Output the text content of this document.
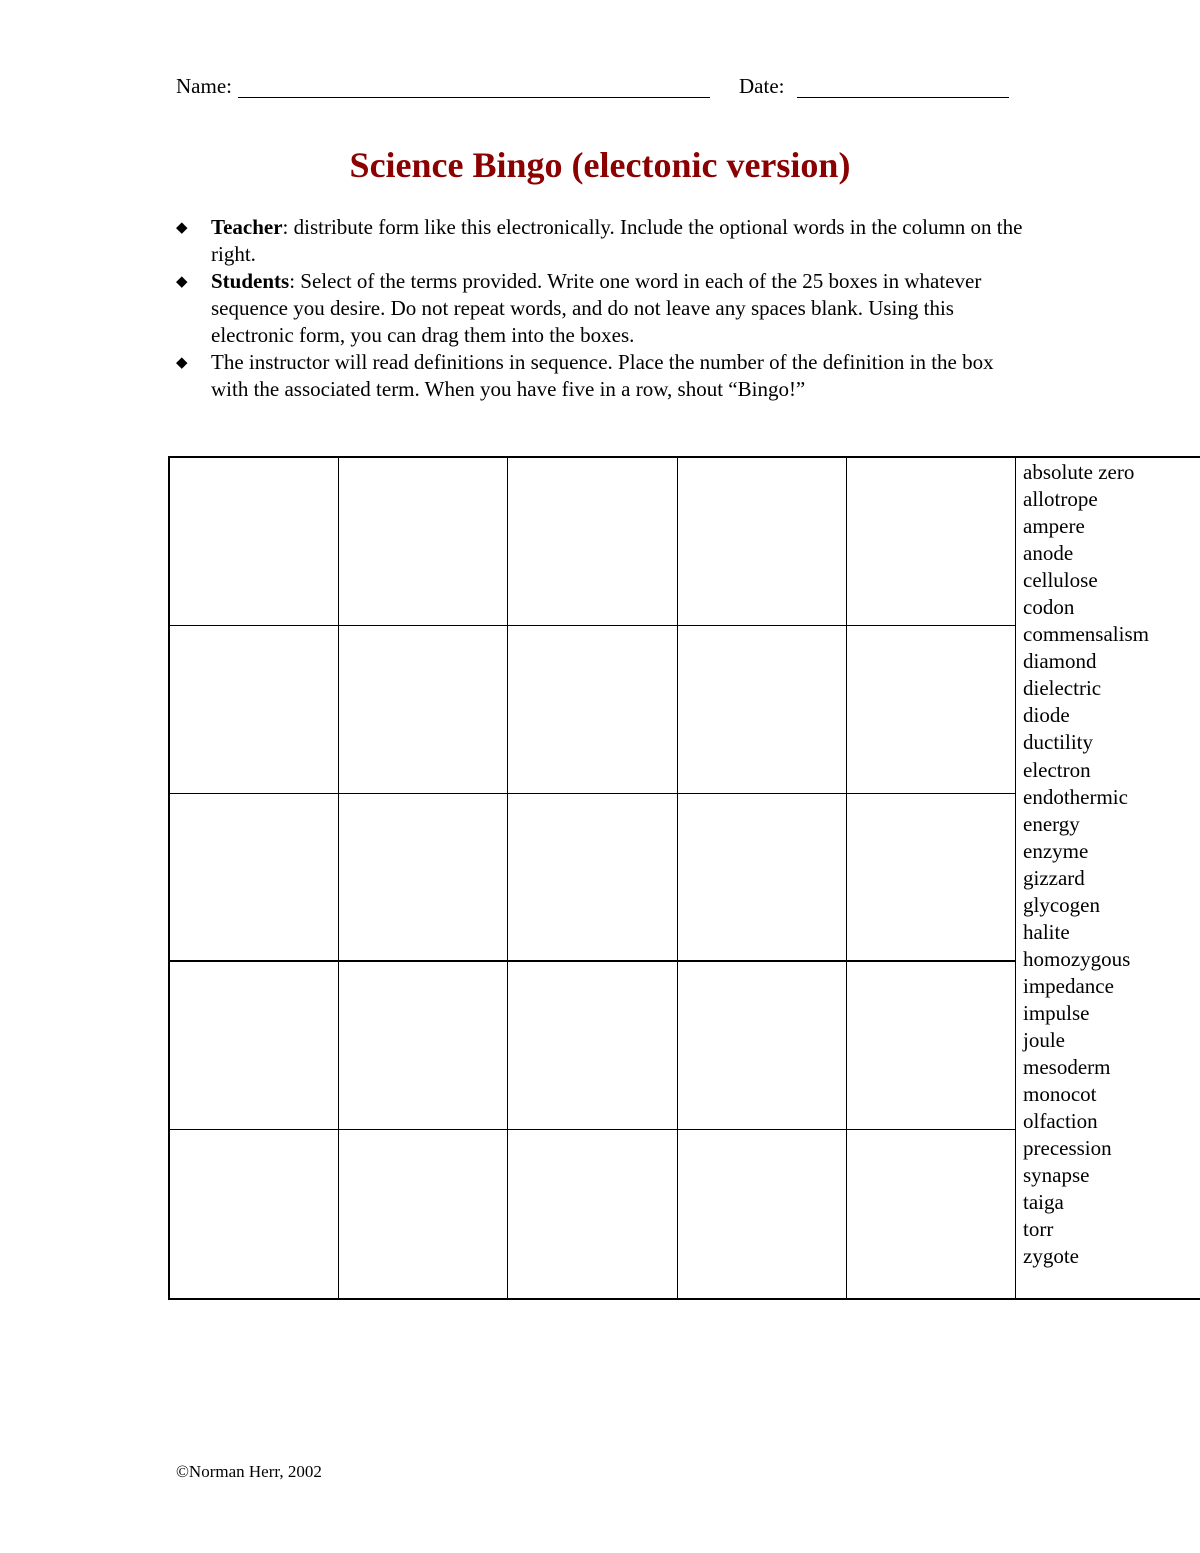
Name:	Date:
Science Bingo (electonic version)
◆ Teacher: distribute form like this electronically. Include the optional words in the column on the right.
◆ Students: Select of the terms provided. Write one word in each of the 25 boxes in whatever sequence you desire. Do not repeat words, and do not leave any spaces blank. Using this electronic form, you can drag them into the boxes.
◆ The instructor will read definitions in sequence. Place the number of the definition in the box with the associated term. When you have five in a row, shout “Bingo!”
absolute zero
allotrope
ampere
anode
cellulose
codon
commensalism
diamond
dielectric
diode
ductility
electron
endothermic
energy
enzyme
gizzard
glycogen
halite
homozygous
impedance
impulse
joule
mesoderm
monocot
olfaction
precession
synapse
taiga
torr
zygote
©Norman Herr, 2002
